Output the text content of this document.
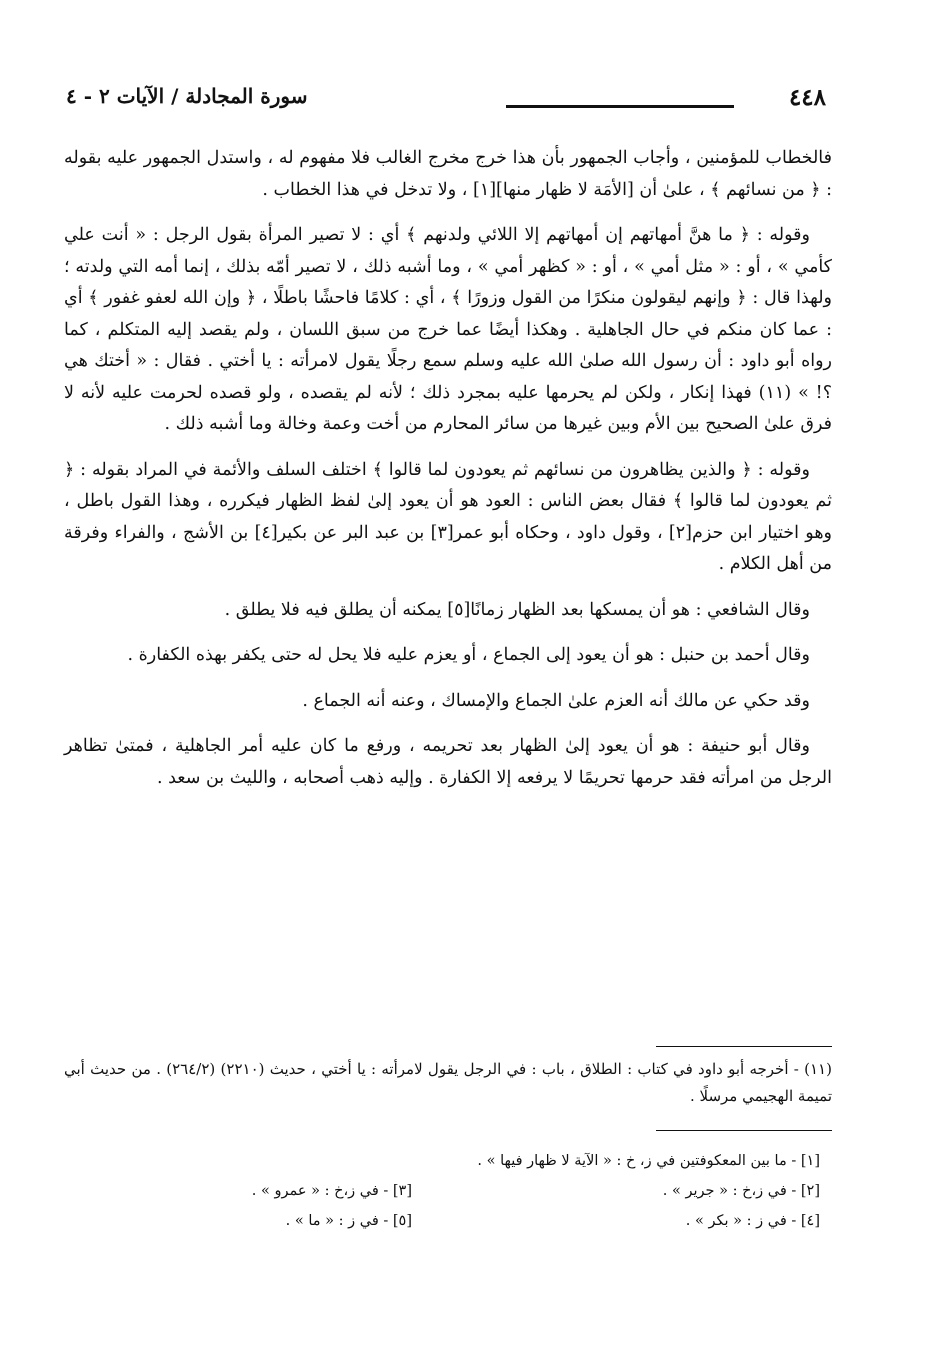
٤٤٨
سورة المجادلة / الآيات ٢ - ٤

فالخطاب للمؤمنين ، وأجاب الجمهور بأن هذا خرج مخرج الغالب فلا مفهوم له ، واستدل الجمهور عليه بقوله : ﴿ من نسائهم ﴾ ، علىٰ أن [الأمَة لا ظهار منها][١] ، ولا تدخل في هذا الخطاب .

وقوله : ﴿ ما هنَّ أمهاتهم إن أمهاتهم إلا اللائي ولدنهم ﴾ أي : لا تصير المرأة بقول الرجل : « أنت علي كأمي » ، أو : « مثل أمي » ، أو : « كظهر أمي » ، وما أشبه ذلك ، لا تصير أمّه بذلك ، إنما أمه التي ولدته ؛ ولهذا قال : ﴿ وإنهم ليقولون منكرًا من القول وزورًا ﴾ ، أي : كلامًا فاحشًا باطلًا ، ﴿ وإن الله لعفو غفور ﴾ أي : عما كان منكم في حال الجاهلية . وهكذا أيضًا عما خرج من سبق اللسان ، ولم يقصد إليه المتكلم ، كما رواه أبو داود : أن رسول الله صلىٰ الله عليه وسلم سمع رجلًا يقول لامرأته : يا أختي . فقال : « أختك هي ؟! » (١١) فهذا إنكار ، ولكن لم يحرمها عليه بمجرد ذلك ؛ لأنه لم يقصده ، ولو قصده لحرمت عليه لأنه لا فرق علىٰ الصحيح بين الأم وبين غيرها من سائر المحارم من أخت وعمة وخالة وما أشبه ذلك .

وقوله : ﴿ والذين يظاهرون من نسائهم ثم يعودون لما قالوا ﴾ اختلف السلف والأئمة في المراد بقوله : ﴿ ثم يعودون لما قالوا ﴾ فقال بعض الناس : العود هو أن يعود إلىٰ لفظ الظهار فيكرره ، وهذا القول باطل ، وهو اختيار ابن حزم[٢] ، وقول داود ، وحكاه أبو عمر[٣] بن عبد البر عن بكير[٤] بن الأشج ، والفراء وفرقة من أهل الكلام .

وقال الشافعي : هو أن يمسكها بعد الظهار زمانًا[٥] يمكنه أن يطلق فيه فلا يطلق .

وقال أحمد بن حنبل : هو أن يعود إلى الجماع ، أو يعزم عليه فلا يحل له حتى يكفر بهذه الكفارة .

وقد حكي عن مالك أنه العزم علىٰ الجماع والإمساك ، وعنه أنه الجماع .

وقال أبو حنيفة : هو أن يعود إلىٰ الظهار بعد تحريمه ، ورفع ما كان عليه أمر الجاهلية ، فمتىٰ تظاهر الرجل من امرأته فقد حرمها تحريمًا لا يرفعه إلا الكفارة . وإليه ذهب أصحابه ، والليث بن سعد .

(١١) - أخرجه أبو داود في كتاب : الطلاق ، باب : في الرجل يقول لامرأته : يا أختي ، حديث (٢٢١٠) (٢٦٤/٢) . من حديث أبي تميمة الهجيمي مرسلًا .
[١] - ما بين المعكوفتين في ز، خ : « الآية لا ظهار فيها » .
[٢] - في ز،خ : « جرير » .
[٣] - في ز،خ : « عمرو » .
[٤] - في ز : « بكر » .
[٥] - في ز : « ما » .
